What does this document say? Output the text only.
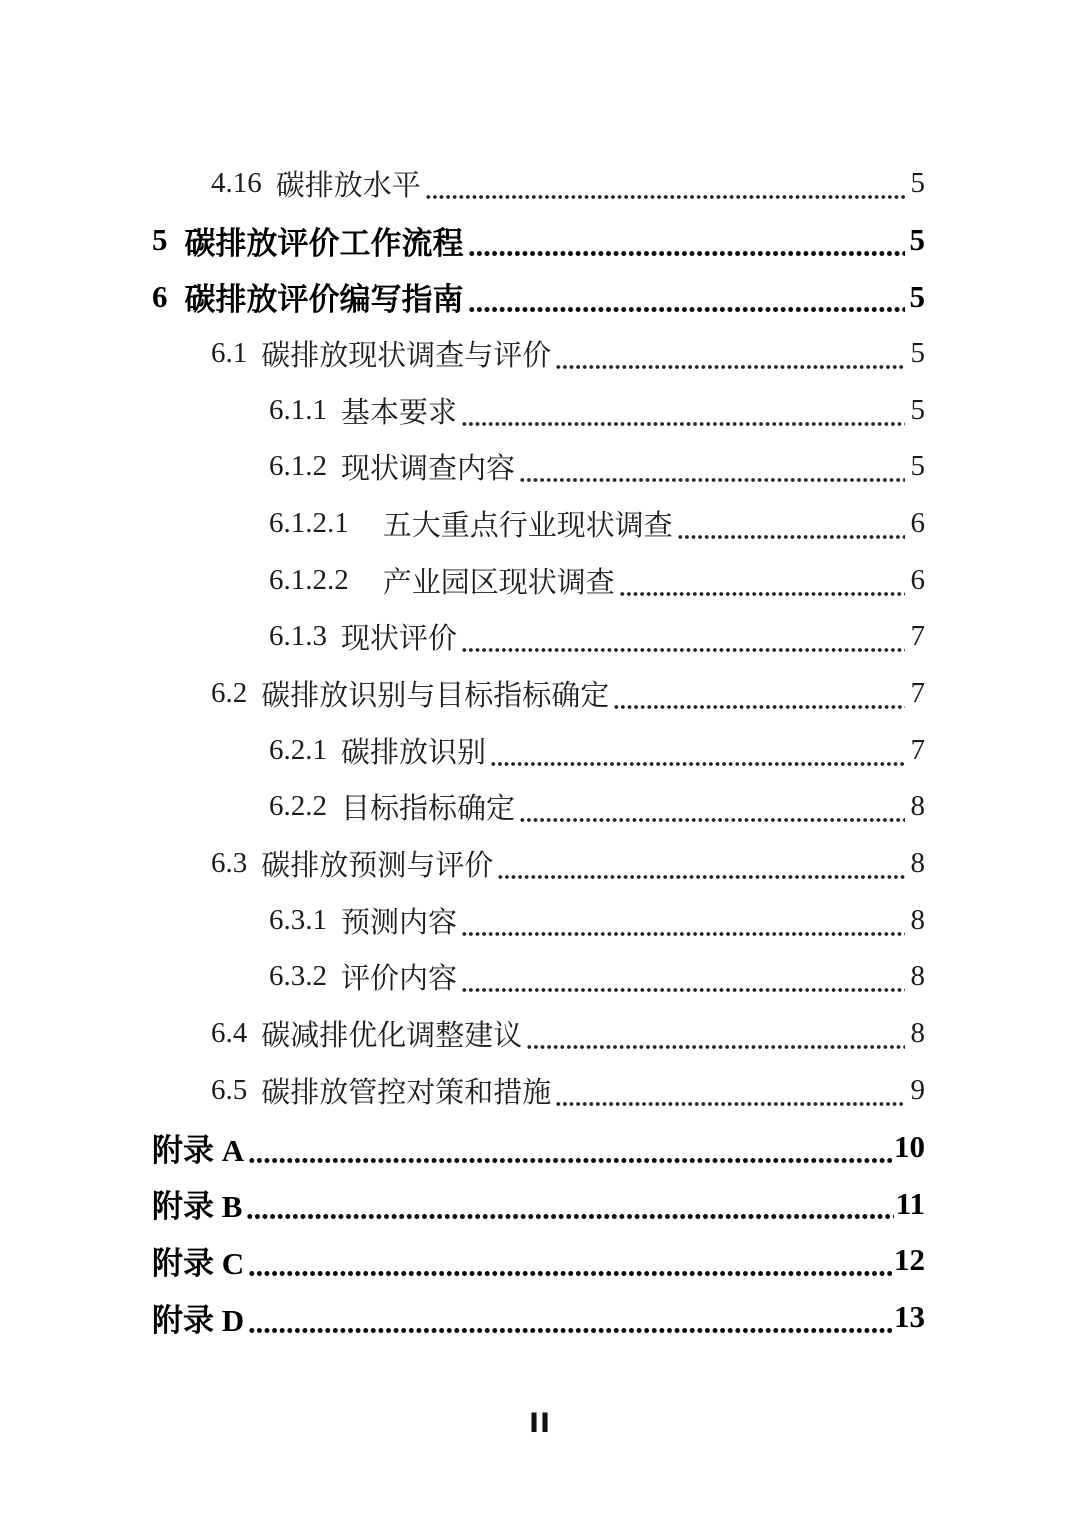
4.16 碳排放水平	5
5 碳排放评价工作流程	5
6 碳排放评价编写指南	5
6.1 碳排放现状调查与评价	5
6.1.1 基本要求	5
6.1.2 现状调查内容	5
6.1.2.1 五大重点行业现状调查	6
6.1.2.2 产业园区现状调查	6
6.1.3 现状评价	7
6.2 碳排放识别与目标指标确定	7
6.2.1 碳排放识别	7
6.2.2 目标指标确定	8
6.3 碳排放预测与评价	8
6.3.1 预测内容	8
6.3.2 评价内容	8
6.4 碳减排优化调整建议	8
6.5 碳排放管控对策和措施	9
附录 A	10
附录 B	11
附录 C	12
附录 D	13
II
